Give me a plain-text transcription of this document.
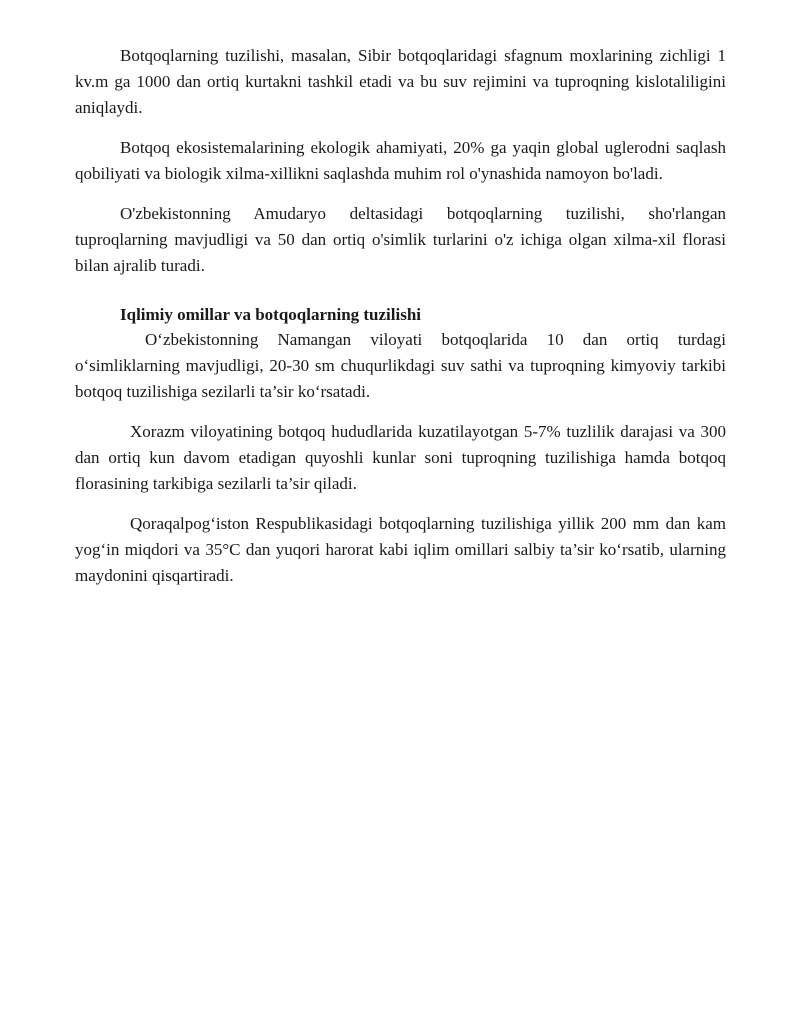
Botqoqlarning tuzilishi, masalan, Sibir botqoqlaridagi sfagnum moxlarining zichligi 1 kv.m ga 1000 dan ortiq kurtakni tashkil etadi va bu suv rejimini va tuproqning kislotaliligini aniqlaydi.

Botqoq ekosistemalarining ekologik ahamiyati, 20% ga yaqin global uglerodni saqlash qobiliyati va biologik xilma-xillikni saqlashda muhim rol o'ynashida namoyon bo'ladi.

O'zbekistonning Amudaryo deltasidagi botqoqlarning tuzilishi, sho'rlangan tuproqlarning mavjudligi va 50 dan ortiq o'simlik turlarini o'z ichiga olgan xilma-xil florasi bilan ajralib turadi.

Iqlimiy omillar va botqoqlarning tuzilishi

O‘zbekistonning Namangan viloyati botqoqlarida 10 dan ortiq turdagi o‘simliklarning mavjudligi, 20-30 sm chuqurlikdagi suv sathi va tuproqning kimyoviy tarkibi botqoq tuzilishiga sezilarli ta’sir ko‘rsatadi.

Xorazm viloyatining botqoq hududlarida kuzatilayotgan 5-7% tuzlilik darajasi va 300 dan ortiq kun davom etadigan quyoshli kunlar soni tuproqning tuzilishiga hamda botqoq florasining tarkibiga sezilarli ta’sir qiladi.

Qoraqalpog‘iston Respublikasidagi botqoqlarning tuzilishiga yillik 200 mm dan kam yog‘in miqdori va 35°C dan yuqori harorat kabi iqlim omillari salbiy ta’sir ko‘rsatib, ularning maydonini qisqartiradi.
